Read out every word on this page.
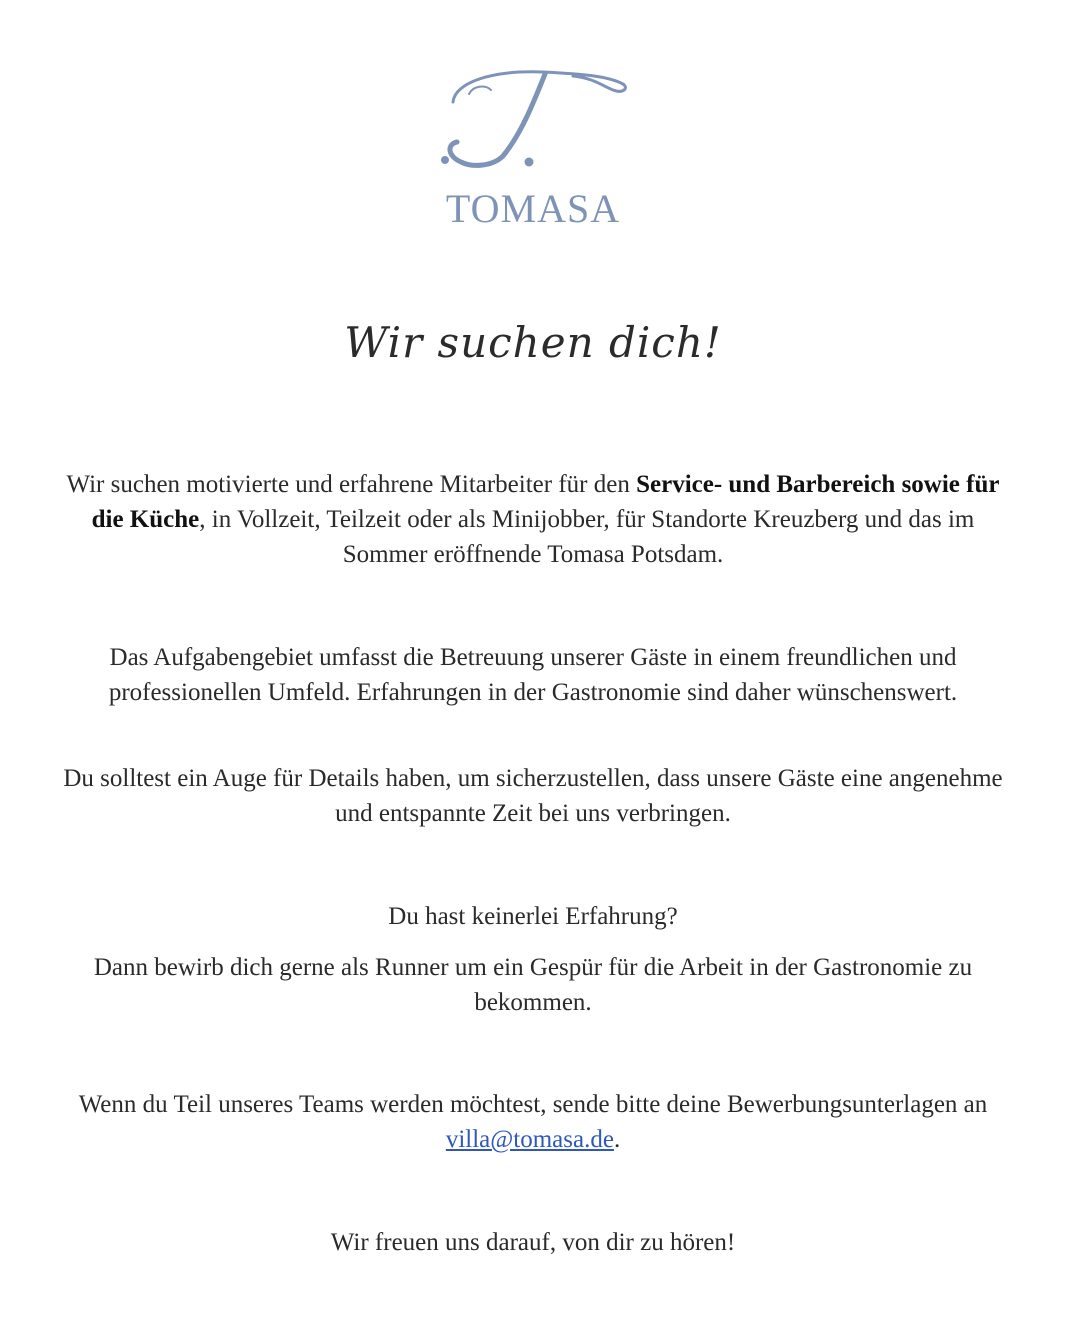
TOMASA
Wir suchen dich!
Wir suchen motivierte und erfahrene Mitarbeiter für den Service- und Barbereich sowie für die Küche, in Vollzeit, Teilzeit oder als Minijobber, für Standorte Kreuzberg und das im Sommer eröffnende Tomasa Potsdam.
Das Aufgabengebiet umfasst die Betreuung unserer Gäste in einem freundlichen und professionellen Umfeld. Erfahrungen in der Gastronomie sind daher wünschenswert.
Du solltest ein Auge für Details haben, um sicherzustellen, dass unsere Gäste eine angenehme und entspannte Zeit bei uns verbringen.
Du hast keinerlei Erfahrung?
Dann bewirb dich gerne als Runner um ein Gespür für die Arbeit in der Gastronomie zu bekommen.
Wenn du Teil unseres Teams werden möchtest, sende bitte deine Bewerbungsunterlagen an villa@tomasa.de.
Wir freuen uns darauf, von dir zu hören!
